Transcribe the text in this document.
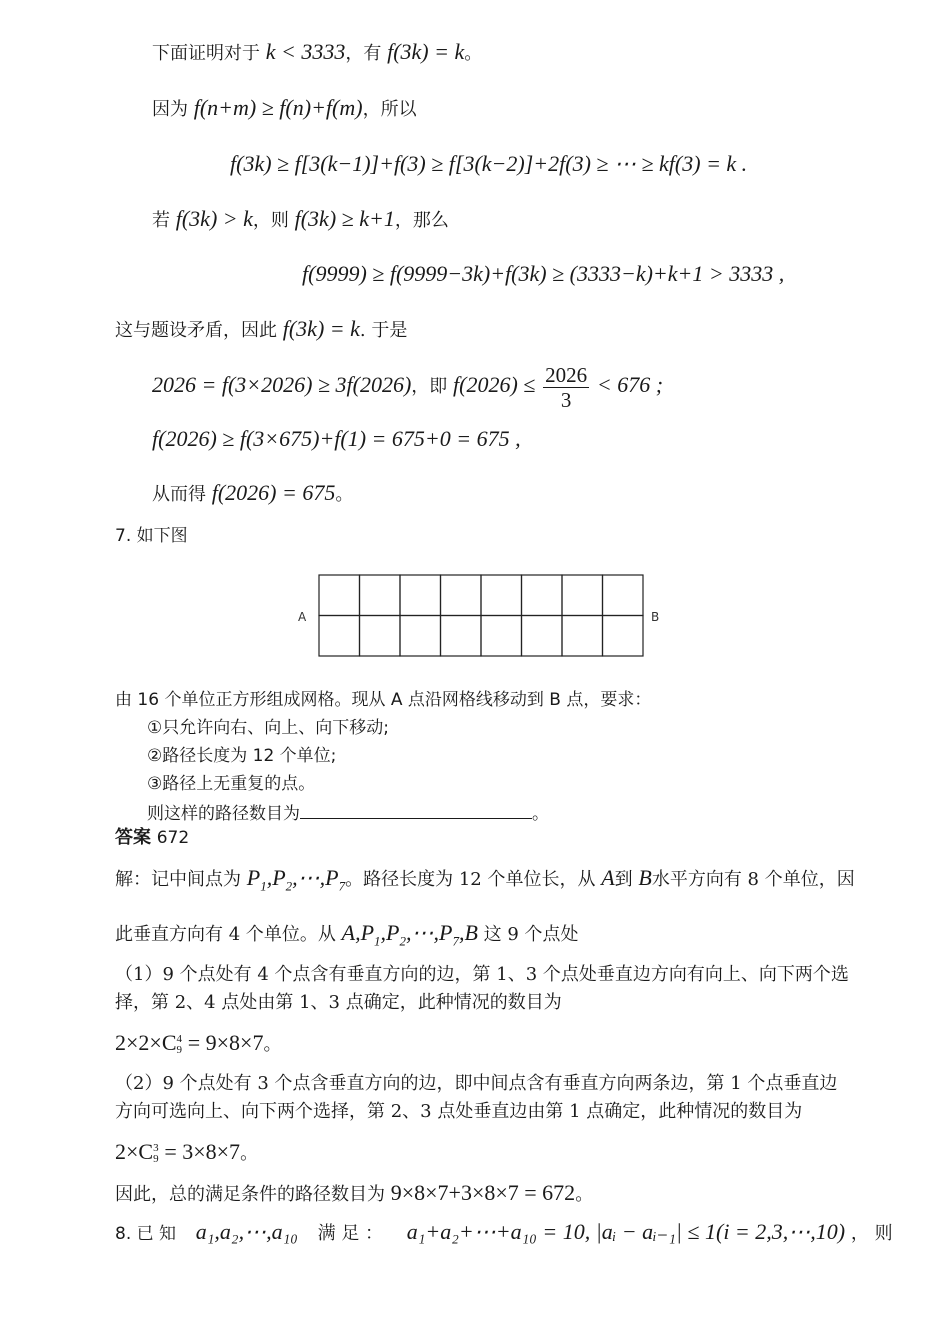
下面证明对于 k < 3333，有 f(3k) = k。
因为 f(n+m) ≥ f(n)+f(m)，所以
f(3k) ≥ f[3(k−1)]+f(3) ≥ f[3(k−2)]+2f(3) ≥ ⋯ ≥ kf(3) = k .
若 f(3k) > k，则 f(3k) ≥ k+1，那么
f(9999) ≥ f(9999−3k)+f(3k) ≥ (3333−k)+k+1 > 3333 ,
这与题设矛盾，因此 f(3k) = k. 于是
2026 = f(3×2026) ≥ 3f(2026)，即 $f(2026) \le \frac{2026}{3} < 676$ ;
f(2026) ≥ f(3×675)+f(1) = 675+0 = 675 ,
从而得 f(2026) = 675。
7. 如下图
A	B
由 16 个单位正方形组成网格。现从 A 点沿网格线移动到 B 点，要求：
①只允许向右、向上、向下移动;
②路径长度为 12 个单位;
③路径上无重复的点。
则这样的路径数目为	。
答案 672
解：记中间点为 $P_1,P_2,\cdots,P_7$。路径长度为 12 个单位长，从 A到 B水平方向有 8 个单位，因
此垂直方向有 4 个单位。从 $A,P_1,P_2,\cdots,P_7,B$ 这 9 个点处
（1）9 个点处有 4 个点含有垂直方向的边，第 1、3 个点处垂直边方向有向上、向下两个选
择，第 2、4 点处由第 1、3 点确定，此种情况的数目为
2×2×C 4
9 = 9×8×7。
（2）9 个点处有 3 个点含垂直方向的边，即中间点含有垂直方向两条边，第 1 个点垂直边
方向可选向上、向下两个选择，第 2、3 点处垂直边由第 1 点确定，此种情况的数目为
2×C 3
9 = 3×8×7。
因此，总的满足条件的路径数目为 9×8×7+3×8×7 = 672。
8. 已 知 a₁,a₂,⋯,a₁₀ 满 足 ： a₁+a₂+⋯+a₁₀ = 10, |aᵢ − aᵢ₋₁| ≤ 1(i = 2,3,⋯,10) ， 则
